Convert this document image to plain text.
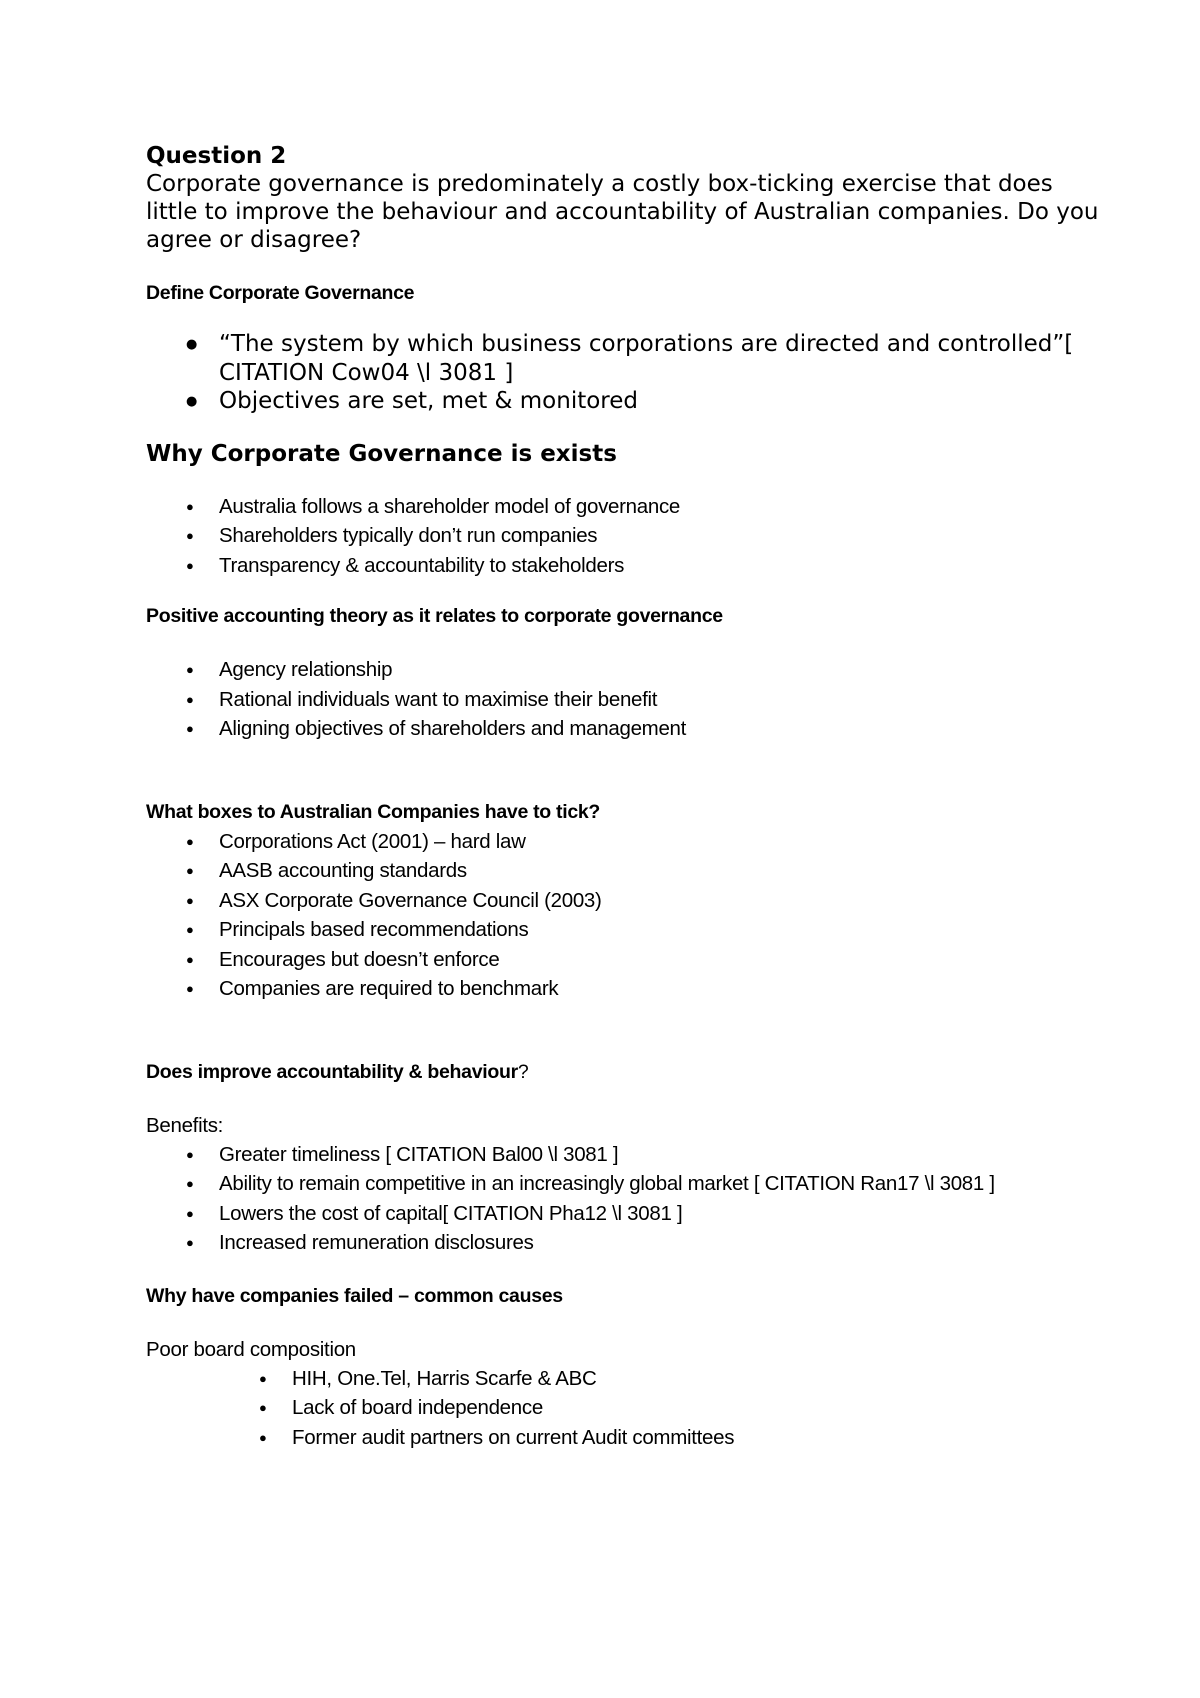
Question 2

Corporate governance is predominately a costly box-ticking exercise that does little to improve the behaviour and accountability of Australian companies. Do you agree or disagree?

Define Corporate Governance

● “The system by which business corporations are directed and controlled”[ CITATION Cow04 \l 3081 ]
● Objectives are set, met & monitored

Why Corporate Governance is exists

● Australia follows a shareholder model of governance
● Shareholders typically don’t run companies
● Transparency & accountability to stakeholders

Positive accounting theory as it relates to corporate governance

● Agency relationship
● Rational individuals want to maximise their benefit
● Aligning objectives of shareholders and management

What boxes to Australian Companies have to tick?

● Corporations Act (2001) – hard law
● AASB accounting standards
● ASX Corporate Governance Council (2003)
● Principals based recommendations
● Encourages but doesn’t enforce
● Companies are required to benchmark

Does improve accountability & behaviour?

Benefits:

● Greater timeliness [ CITATION Bal00 \l 3081 ]
● Ability to remain competitive in an increasingly global market [ CITATION Ran17 \l 3081 ]
● Lowers the cost of capital[ CITATION Pha12 \l 3081 ]
● Increased remuneration disclosures

Why have companies failed – common causes

Poor board composition

● HIH, One.Tel, Harris Scarfe & ABC
● Lack of board independence
● Former audit partners on current Audit committees
